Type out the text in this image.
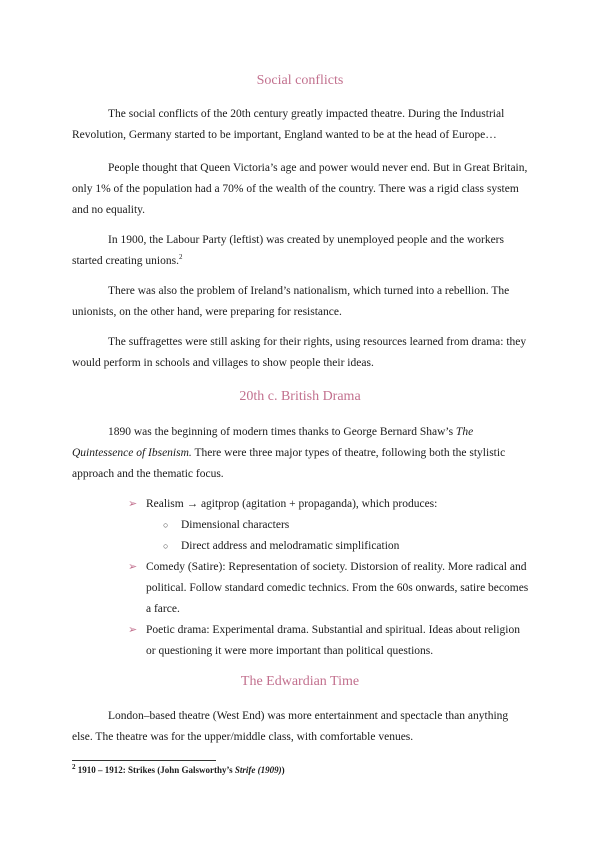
Social conflicts

The social conflicts of the 20th century greatly impacted theatre. During the Industrial Revolution, Germany started to be important, England wanted to be at the head of Europe…

People thought that Queen Victoria’s age and power would never end. But in Great Britain, only 1% of the population had a 70% of the wealth of the country. There was a rigid class system and no equality.

In 1900, the Labour Party (leftist) was created by unemployed people and the workers started creating unions.$^2$

There was also the problem of Ireland’s nationalism, which turned into a rebellion. The unionists, on the other hand, were preparing for resistance.

The suffragettes were still asking for their rights, using resources learned from drama: they would perform in schools and villages to show people their ideas.

20th c. British Drama

1890 was the beginning of modern times thanks to George Bernard Shaw’s The Quintessence of Ibsenism. There were three major types of theatre, following both the stylistic approach and the thematic focus.

➢ Realism → agitprop (agitation + propaganda), which produces:
○ Dimensional characters
○ Direct address and melodramatic simplification
➢ Comedy (Satire): Representation of society. Distorsion of reality. More radical and political. Follow standard comedic technics. From the 60s onwards, satire becomes a farce.
➢ Poetic drama: Experimental drama. Substantial and spiritual. Ideas about religion or questioning it were more important than political questions.
The Edwardian Time

London–based theatre (West End) was more entertainment and spectacle than anything else. The theatre was for the upper/middle class, with comfortable venues.

$^2$ 1910 – 1912: Strikes (John Galsworthy’s Strife (1909))
